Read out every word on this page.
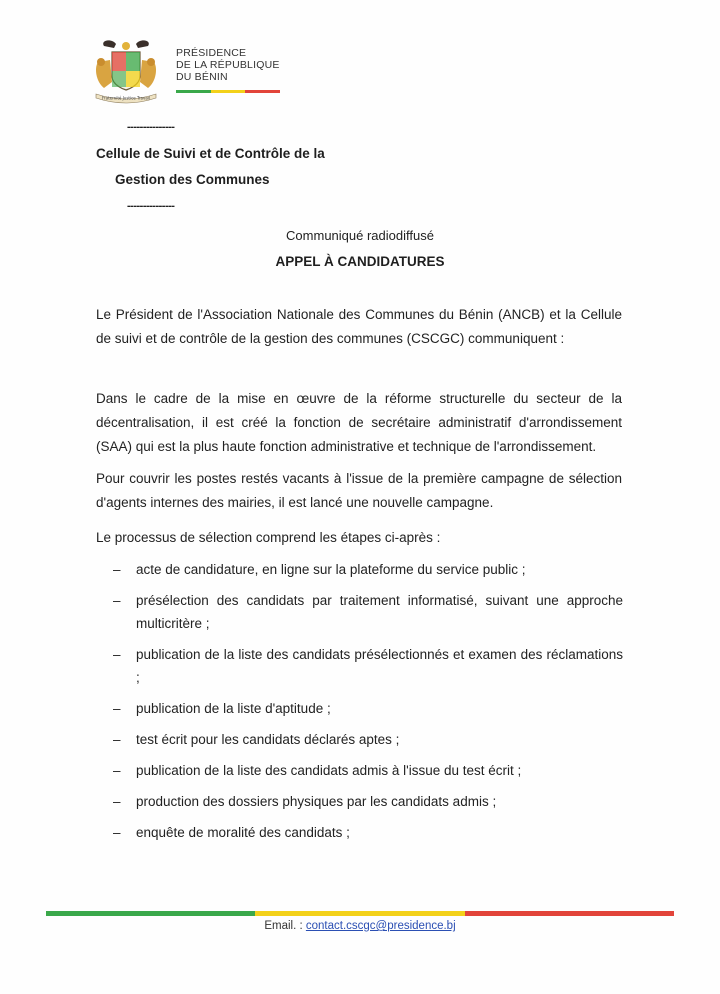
Fraternité Justice Travail
PRÉSIDENCE
DE LA RÉPUBLIQUE
DU BÉNIN
---------------
Cellule de Suivi et de Contrôle de la
Gestion des Communes
---------------
Communiqué radiodiffusé
APPEL À CANDIDATURES

Le Président de l'Association Nationale des Communes du Bénin (ANCB) et la Cellule de suivi et de contrôle de la gestion des communes (CSCGC) communiquent :

Dans le cadre de la mise en œuvre de la réforme structurelle du secteur de la décentralisation, il est créé la fonction de secrétaire administratif d'arrondissement (SAA) qui est la plus haute fonction administrative et technique de l'arrondissement.

Pour couvrir les postes restés vacants à l'issue de la première campagne de sélection d'agents internes des mairies, il est lancé une nouvelle campagne.

Le processus de sélection comprend les étapes ci-après :

– acte de candidature, en ligne sur la plateforme du service public ;
– présélection des candidats par traitement informatisé, suivant une approche multicritère ;
– publication de la liste des candidats présélectionnés et examen des réclamations ;
– publication de la liste d'aptitude ;
– test écrit pour les candidats déclarés aptes ;
– publication de la liste des candidats admis à l'issue du test écrit ;
– production des dossiers physiques par les candidats admis ;
– enquête de moralité des candidats ;
Email. : contact.cscgc@presidence.bj
